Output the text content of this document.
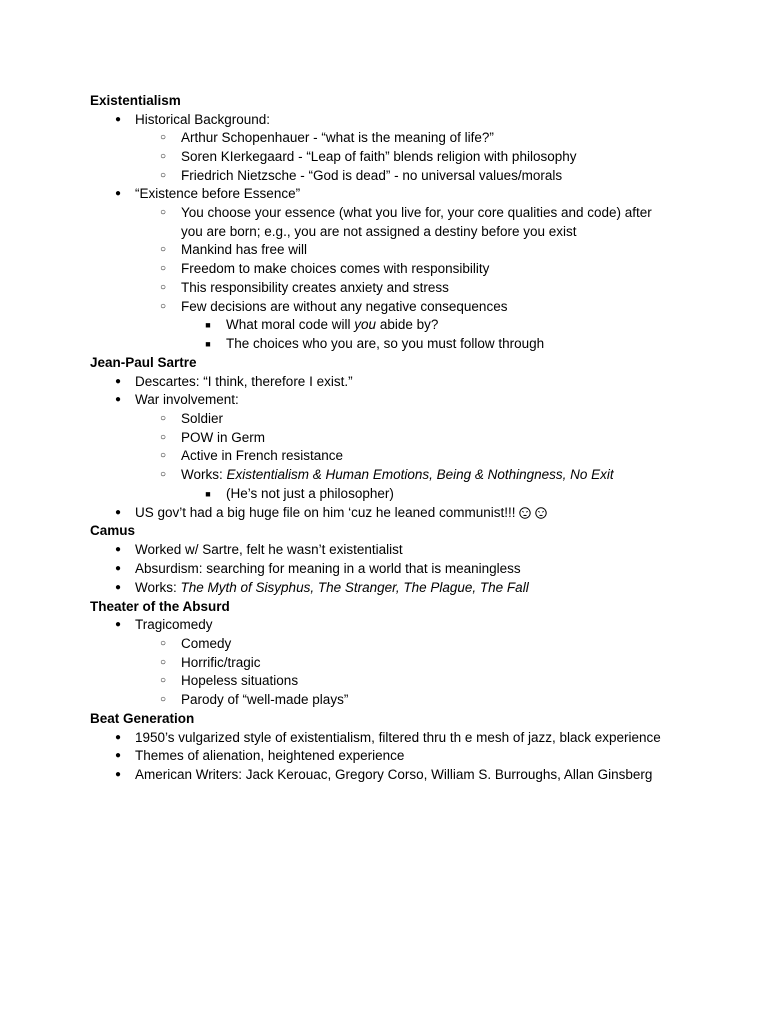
Existentialism
● Historical Background:
○ Arthur Schopenhauer - “what is the meaning of life?”
○ Soren KIerkegaard - “Leap of faith” blends religion with philosophy
○ Friedrich Nietzsche - “God is dead” - no universal values/morals
● “Existence before Essence”
○ You choose your essence (what you live for, your core qualities and code) after
you are born; e.g., you are not assigned a destiny before you exist
○ Mankind has free will
○ Freedom to make choices comes with responsibility
○ This responsibility creates anxiety and stress
○ Few decisions are without any negative consequences
■	What moral code will you abide by?
■	The choices who you are, so you must follow through
Jean-Paul Sartre
● Descartes: “I think, therefore I exist.”
● War involvement:
○ Soldier
○ POW in Germ
○ Active in French resistance
○ Works: Existentialism & Human Emotions, Being & Nothingness, No Exit
■	(He’s not just a philosopher)
● US gov’t had a big huge file on him ‘cuz he leaned communist!!!

Camus
● Worked w/ Sartre, felt he wasn’t existentialist
● Absurdism: searching for meaning in a world that is meaningless
● Works: The Myth of Sisyphus, The Stranger, The Plague, The Fall
Theater of the Absurd
● Tragicomedy
○ Comedy
○ Horrific/tragic
○ Hopeless situations
○ Parody of “well-made plays”
Beat Generation
● 1950’s vulgarized style of existentialism, filtered thru th e mesh of jazz, black experience
● Themes of alienation, heightened experience
● American Writers: Jack Kerouac, Gregory Corso, William S. Burroughs, Allan Ginsberg
